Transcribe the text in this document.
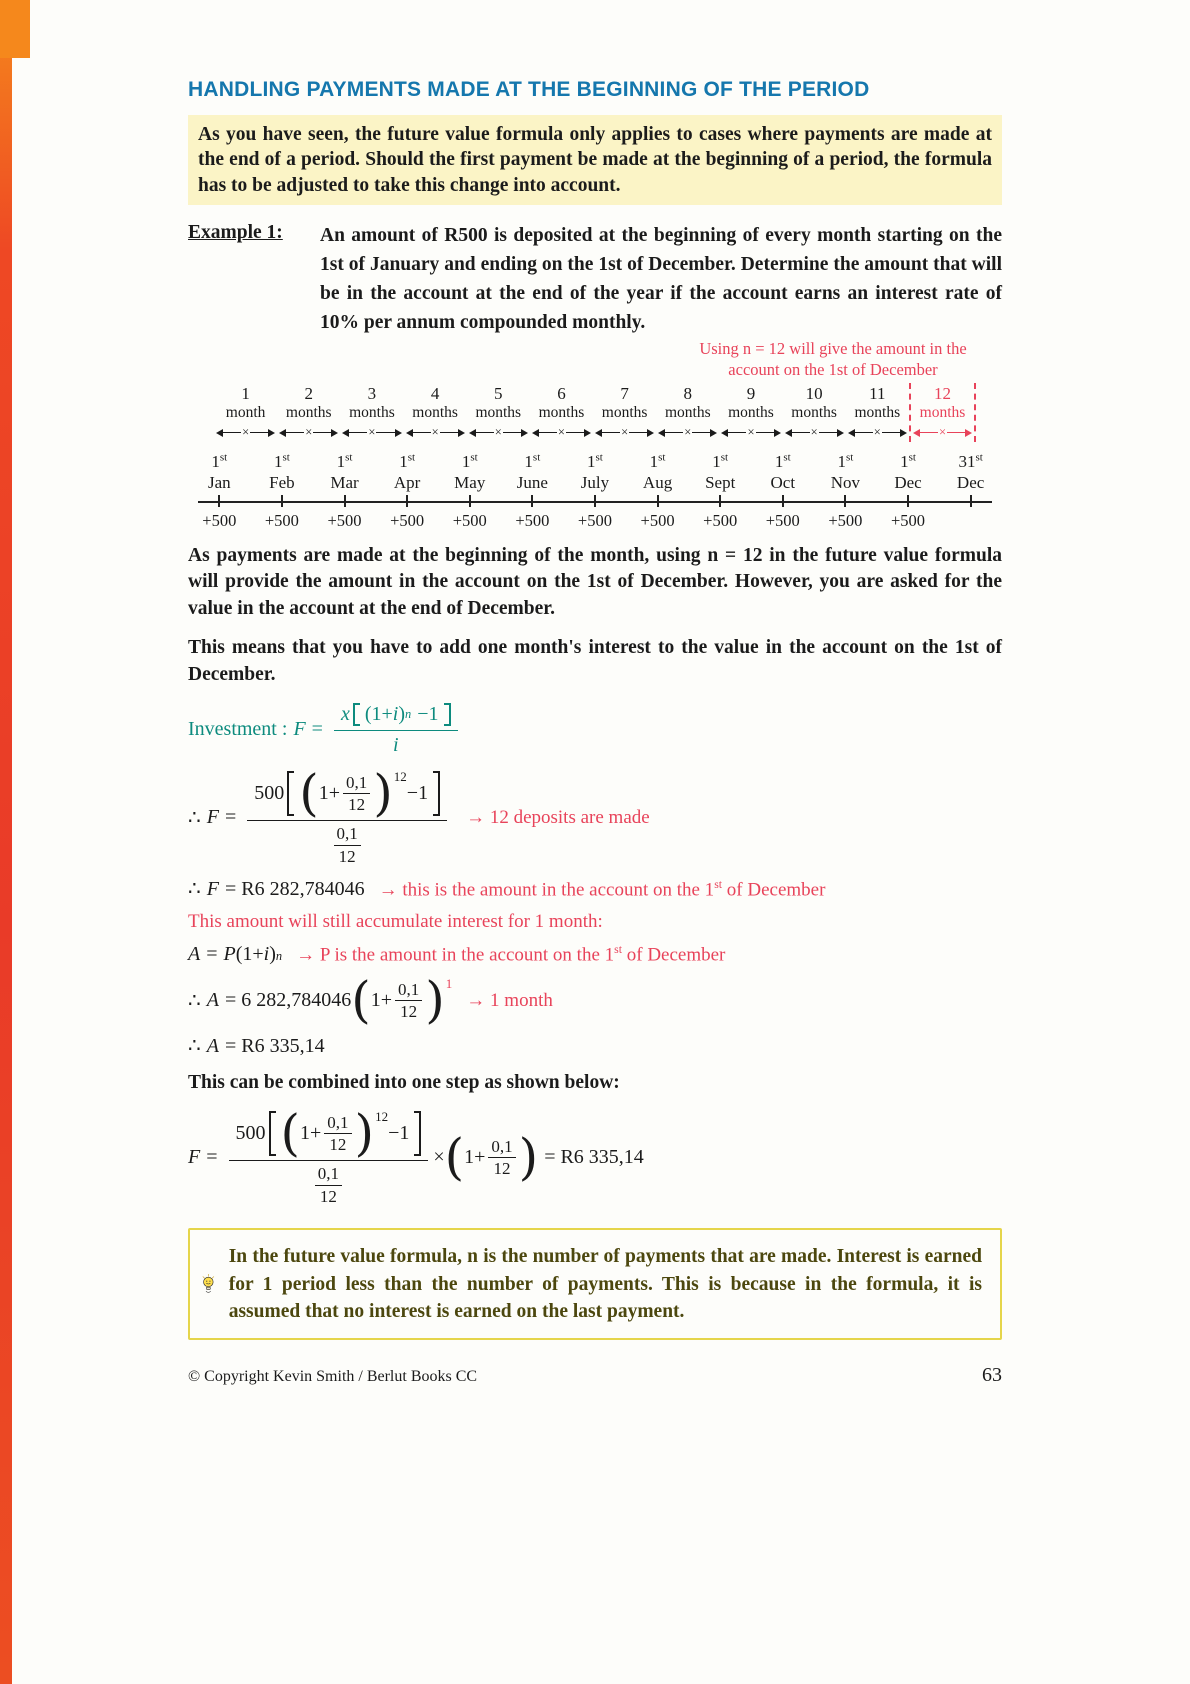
HANDLING PAYMENTS MADE AT THE BEGINNING OF THE PERIOD
As you have seen, the future value formula only applies to cases where payments are made at the end of a period. Should the first payment be made at the beginning of a period, the formula has to be adjusted to take this change into account.
Example 1:	An amount of R500 is deposited at the beginning of every month starting on the 1st of January and ending on the 1st of December. Determine the amount that will be in the account at the end of the year if the account earns an interest rate of 10% per annum compounded monthly.
Using n = 12 will give the amount in the
account on the 1st of December
1
month
×
2
months
×
3
months
×
4
months
×
5
months
×
6
months
×
7
months
×
8
months
×
9
months
×
10
months
×
11
months
×
12
months
×
1st
Jan
1st
Feb
1st
Mar
1st
Apr
1st
May
1st
June
1st
July
1st
Aug
1st
Sept
1st
Oct
1st
Nov
1st
Dec
31st
Dec
+500	+500	+500	+500	+500	+500	+500	+500	+500	+500	+500	+500
As payments are made at the beginning of the month, using n = 12 in the future value formula will provide the amount in the account on the 1st of December. However, you are asked for the value in the account at the end of December.
This means that you have to add one month's interest to the value in the account on the 1st of December.
Investment : $F = \frac{x (1+ i ) n -1}{i}$
∴ F =
500 ( $1+ \frac{0,1}{12}$ ) 12
−1
$\frac{0,1}{12}$
→ 12 deposits are made
∴ F = R6 282,784046 → this is the amount in the account on the 1st of December
This amount will still accumulate interest for 1 month:
A = P (1+ i ) n → P is the amount in the account on the 1st of December
∴ A = 6 282,784046 ( $1+ \frac{0,1}{12}$ ) 1
→ 1 month
∴ A = R6 335,14
This can be combined into one step as shown below:
F =
500 ( $1+ \frac{0,1}{12}$ ) 12
−1
$\frac{0,1}{12}$
× ( $1+ \frac{0,1}{12}$ ) = R6 335,14
In the future value formula, n is the number of payments that are made. Interest is earned for 1 period less than the number of payments. This is because in the formula, it is assumed that no interest is earned on the last payment.
© Copyright Kevin Smith / Berlut Books CC	63
